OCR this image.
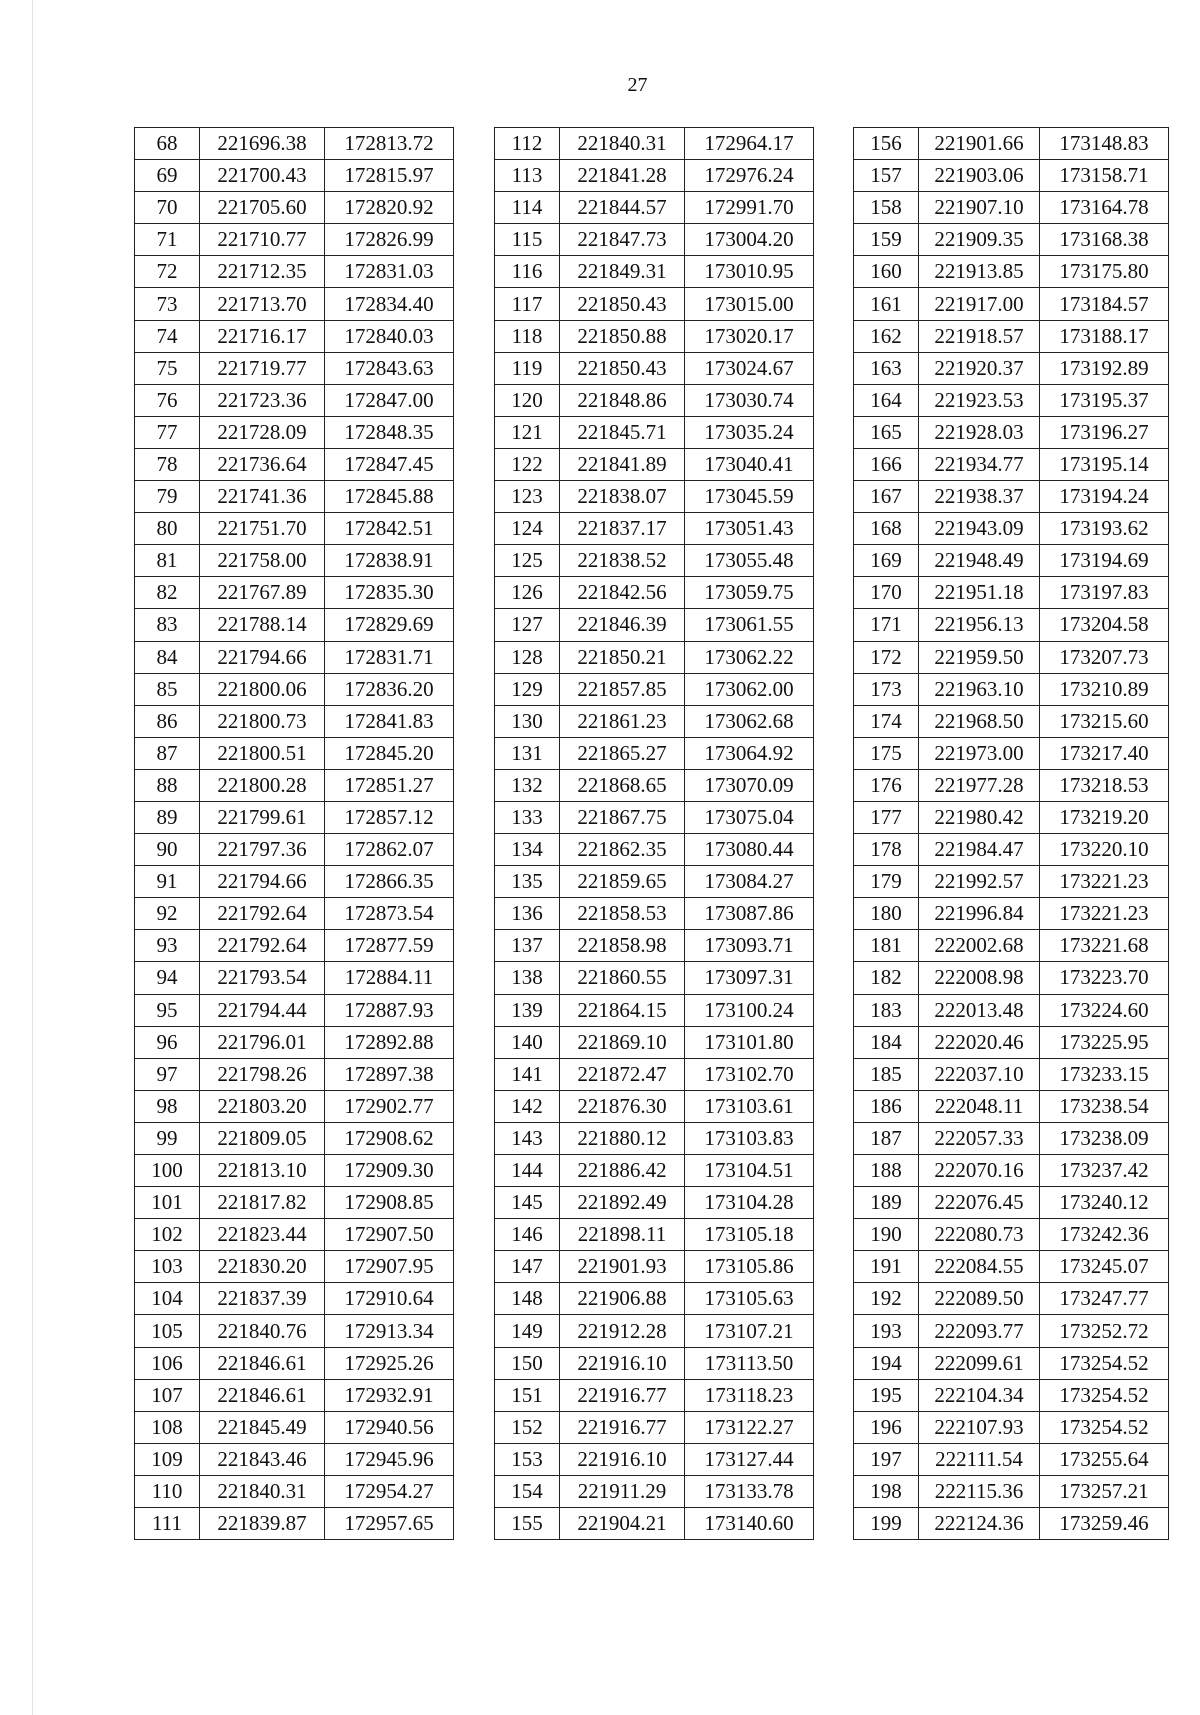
27
68	221696.38	172813.72
69	221700.43	172815.97
70	221705.60	172820.92
71	221710.77	172826.99
72	221712.35	172831.03
73	221713.70	172834.40
74	221716.17	172840.03
75	221719.77	172843.63
76	221723.36	172847.00
77	221728.09	172848.35
78	221736.64	172847.45
79	221741.36	172845.88
80	221751.70	172842.51
81	221758.00	172838.91
82	221767.89	172835.30
83	221788.14	172829.69
84	221794.66	172831.71
85	221800.06	172836.20
86	221800.73	172841.83
87	221800.51	172845.20
88	221800.28	172851.27
89	221799.61	172857.12
90	221797.36	172862.07
91	221794.66	172866.35
92	221792.64	172873.54
93	221792.64	172877.59
94	221793.54	172884.11
95	221794.44	172887.93
96	221796.01	172892.88
97	221798.26	172897.38
98	221803.20	172902.77
99	221809.05	172908.62
100	221813.10	172909.30
101	221817.82	172908.85
102	221823.44	172907.50
103	221830.20	172907.95
104	221837.39	172910.64
105	221840.76	172913.34
106	221846.61	172925.26
107	221846.61	172932.91
108	221845.49	172940.56
109	221843.46	172945.96
110	221840.31	172954.27
111	221839.87	172957.65
112	221840.31	172964.17
113	221841.28	172976.24
114	221844.57	172991.70
115	221847.73	173004.20
116	221849.31	173010.95
117	221850.43	173015.00
118	221850.88	173020.17
119	221850.43	173024.67
120	221848.86	173030.74
121	221845.71	173035.24
122	221841.89	173040.41
123	221838.07	173045.59
124	221837.17	173051.43
125	221838.52	173055.48
126	221842.56	173059.75
127	221846.39	173061.55
128	221850.21	173062.22
129	221857.85	173062.00
130	221861.23	173062.68
131	221865.27	173064.92
132	221868.65	173070.09
133	221867.75	173075.04
134	221862.35	173080.44
135	221859.65	173084.27
136	221858.53	173087.86
137	221858.98	173093.71
138	221860.55	173097.31
139	221864.15	173100.24
140	221869.10	173101.80
141	221872.47	173102.70
142	221876.30	173103.61
143	221880.12	173103.83
144	221886.42	173104.51
145	221892.49	173104.28
146	221898.11	173105.18
147	221901.93	173105.86
148	221906.88	173105.63
149	221912.28	173107.21
150	221916.10	173113.50
151	221916.77	173118.23
152	221916.77	173122.27
153	221916.10	173127.44
154	221911.29	173133.78
155	221904.21	173140.60
156	221901.66	173148.83
157	221903.06	173158.71
158	221907.10	173164.78
159	221909.35	173168.38
160	221913.85	173175.80
161	221917.00	173184.57
162	221918.57	173188.17
163	221920.37	173192.89
164	221923.53	173195.37
165	221928.03	173196.27
166	221934.77	173195.14
167	221938.37	173194.24
168	221943.09	173193.62
169	221948.49	173194.69
170	221951.18	173197.83
171	221956.13	173204.58
172	221959.50	173207.73
173	221963.10	173210.89
174	221968.50	173215.60
175	221973.00	173217.40
176	221977.28	173218.53
177	221980.42	173219.20
178	221984.47	173220.10
179	221992.57	173221.23
180	221996.84	173221.23
181	222002.68	173221.68
182	222008.98	173223.70
183	222013.48	173224.60
184	222020.46	173225.95
185	222037.10	173233.15
186	222048.11	173238.54
187	222057.33	173238.09
188	222070.16	173237.42
189	222076.45	173240.12
190	222080.73	173242.36
191	222084.55	173245.07
192	222089.50	173247.77
193	222093.77	173252.72
194	222099.61	173254.52
195	222104.34	173254.52
196	222107.93	173254.52
197	222111.54	173255.64
198	222115.36	173257.21
199	222124.36	173259.46
